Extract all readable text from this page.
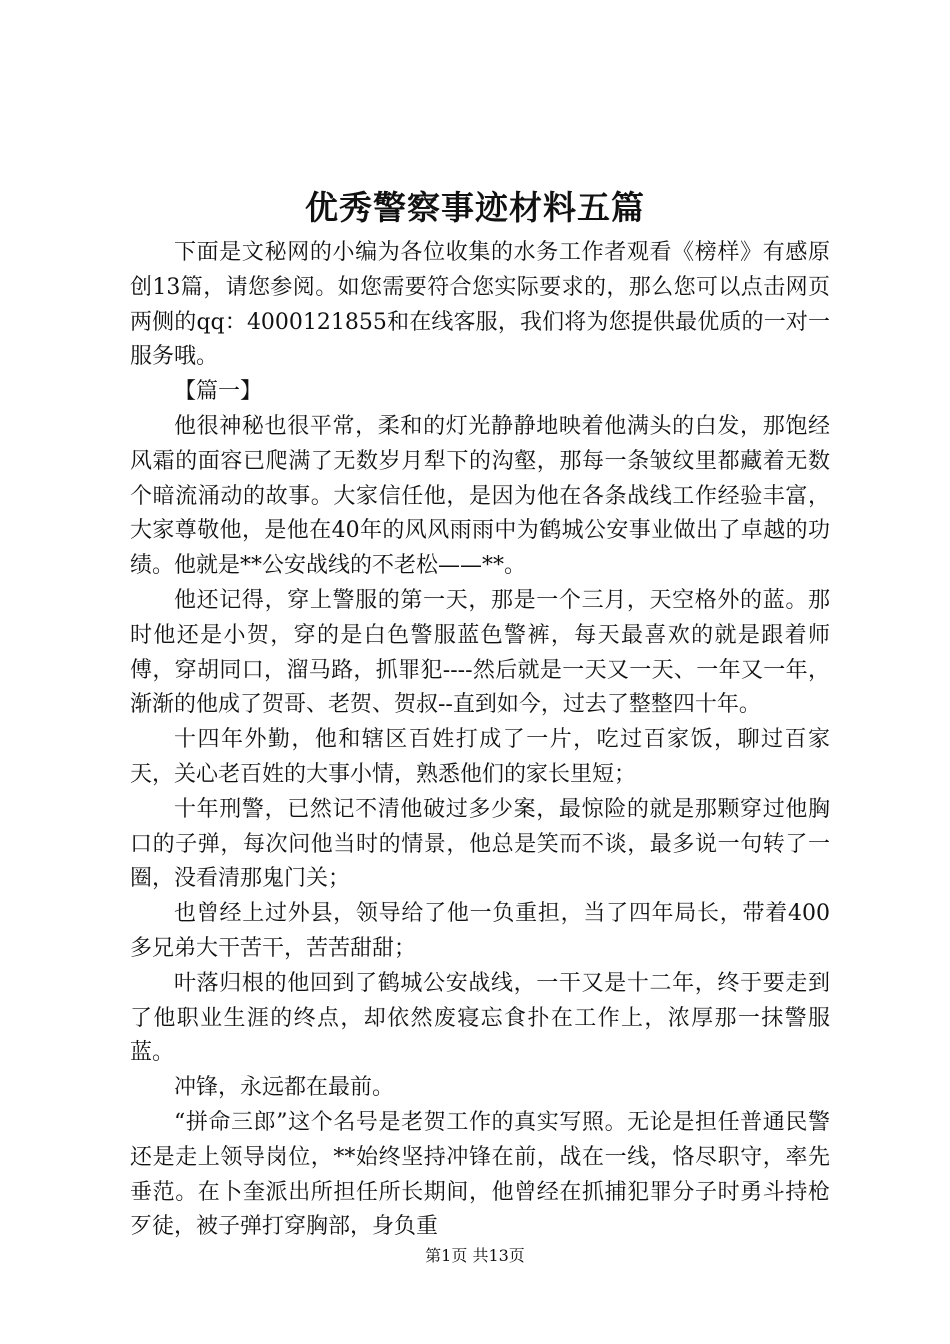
优秀警察事迹材料五篇

下面是文秘网的小编为各位收集的水务工作者观看《榜样》有感原创13篇，请您参阅。如您需要符合您实际要求的，那么您可以点击网页两侧的qq：4000121855和在线客服，我们将为您提供最优质的一对一服务哦。

【篇一】

他很神秘也很平常，柔和的灯光静静地映着他满头的白发，那饱经风霜的面容已爬满了无数岁月犁下的沟壑，那每一条皱纹里都藏着无数个暗流涌动的故事。大家信任他，是因为他在各条战线工作经验丰富，大家尊敬他，是他在40年的风风雨雨中为鹤城公安事业做出了卓越的功绩。他就是**公安战线的不老松——**。

他还记得，穿上警服的第一天，那是一个三月，天空格外的蓝。那时他还是小贺，穿的是白色警服蓝色警裤，每天最喜欢的就是跟着师傅，穿胡同口，溜马路，抓罪犯----然后就是一天又一天、一年又一年，渐渐的他成了贺哥、老贺、贺叔--直到如今，过去了整整四十年。

十四年外勤，他和辖区百姓打成了一片，吃过百家饭，聊过百家天，关心老百姓的大事小情，熟悉他们的家长里短；

十年刑警，已然记不清他破过多少案，最惊险的就是那颗穿过他胸口的子弹，每次问他当时的情景，他总是笑而不谈，最多说一句转了一圈，没看清那鬼门关；

也曾经上过外县，领导给了他一负重担，当了四年局长，带着400多兄弟大干苦干，苦苦甜甜；

叶落归根的他回到了鹤城公安战线，一干又是十二年，终于要走到了他职业生涯的终点，却依然废寝忘食扑在工作上，浓厚那一抹警服蓝。

冲锋，永远都在最前。

“拼命三郎”这个名号是老贺工作的真实写照。无论是担任普通民警还是走上领导岗位，**始终坚持冲锋在前，战在一线，恪尽职守，率先垂范。在卜奎派出所担任所长期间，他曾经在抓捕犯罪分子时勇斗持枪歹徒，被子弹打穿胸部，身负重

第1页 共13页
